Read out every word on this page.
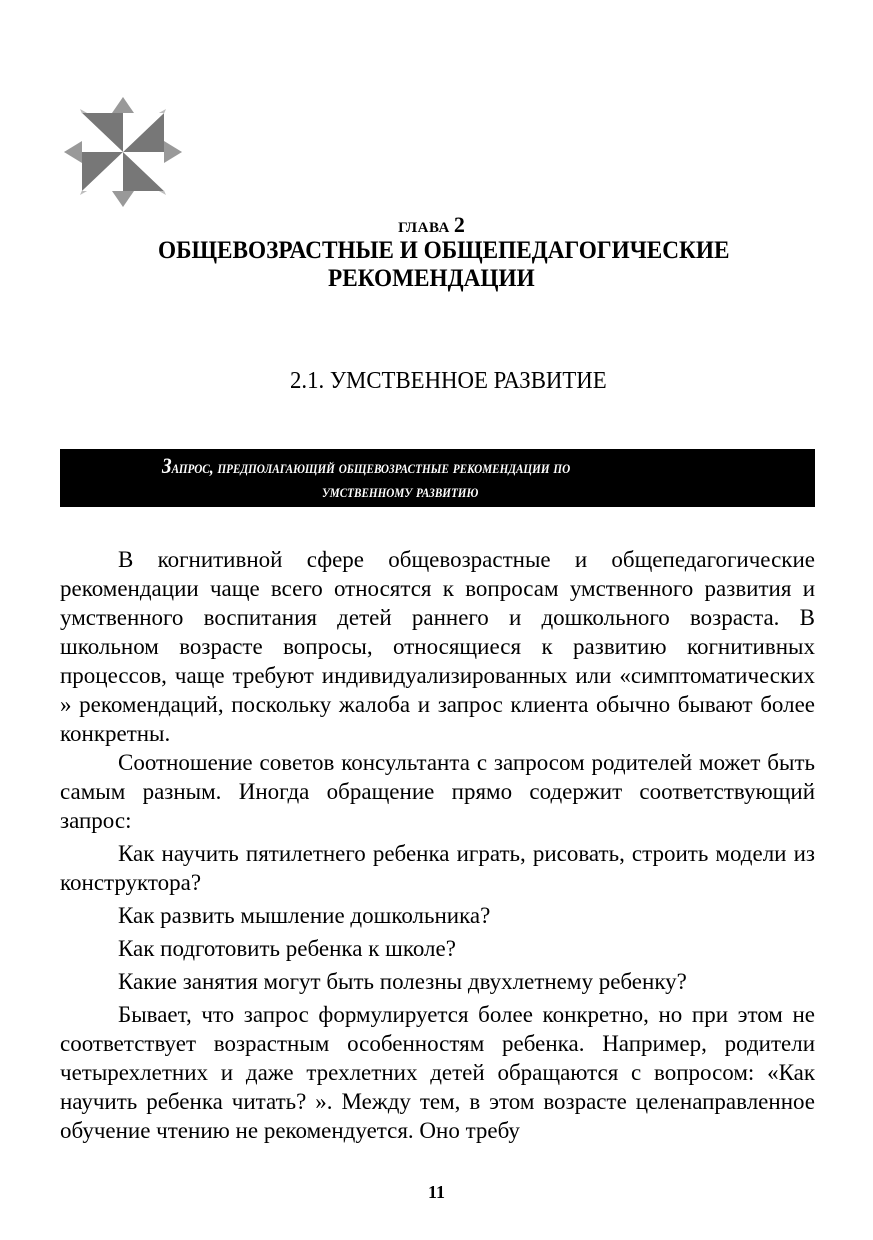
ГЛАВА 2
ОБЩЕВОЗРАСТНЫЕ И ОБЩЕПЕДАГОГИЧЕСКИЕ
РЕКОМЕНДАЦИИ
2.1. УМСТВЕННОЕ РАЗВИТИЕ
Запрос, предполагающий общевозрастные рекомендации по
умственному развитию

В когнитивной сфере общевозрастные и общепедагогические рекомендации чаще всего относятся к вопросам умственного развития и умственного воспитания детей раннего и дошкольного возраста. В школьном возрасте вопросы, относящиеся к развитию когнитивных процессов, чаще требуют индивидуализированных или «симптоматических » рекомендаций, поскольку жалоба и запрос клиента обычно бывают более конкретны.

Соотношение советов консультанта с запросом родителей может быть самым разным. Иногда обращение прямо содержит соответствующий запрос:

Как научить пятилетнего ребенка играть, рисовать, строить модели из конструктора?

Как развить мышление дошкольника?

Как подготовить ребенка к школе?

Какие занятия могут быть полезны двухлетнему ребенку?

Бывает, что запрос формулируется более конкретно, но при этом не соответствует возрастным особенностям ребенка. Например, родители четырехлетних и даже трехлетних детей обращаются с вопросом: «Как научить ребенка читать? ». Между тем, в этом возрасте целенаправленное обучение чтению не рекомендуется. Оно требу

11
